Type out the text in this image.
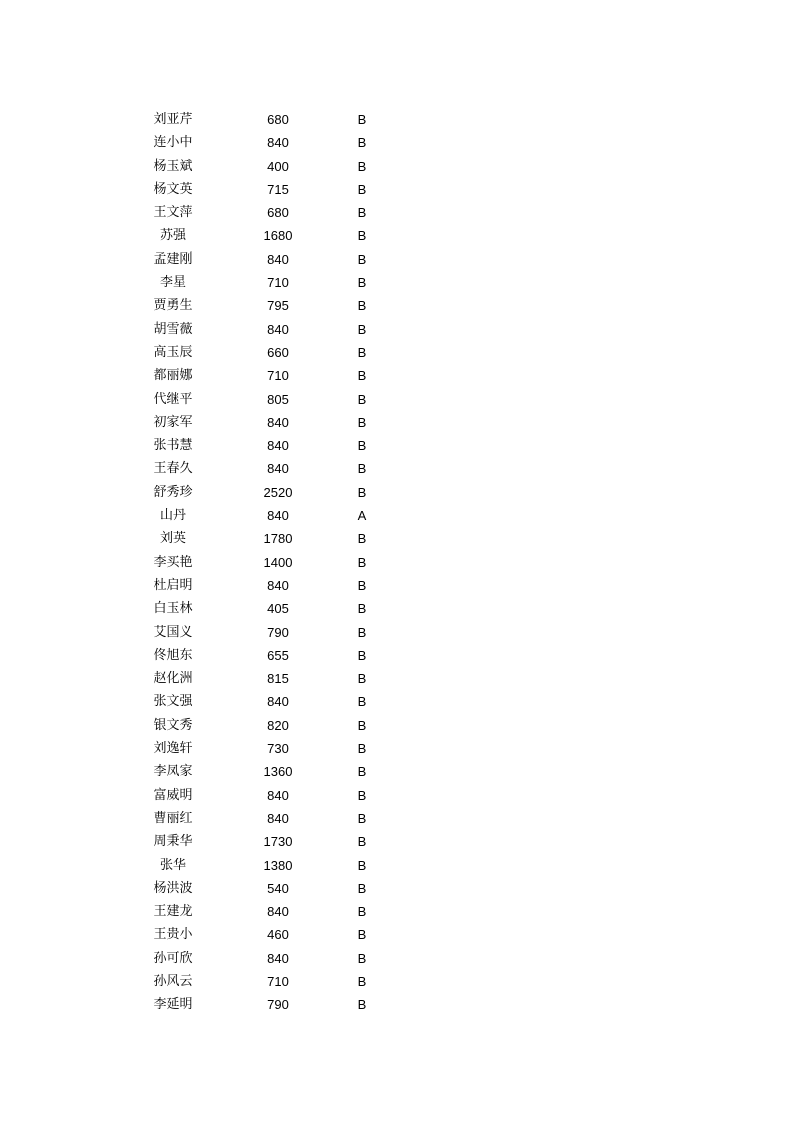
刘亚芹	680	B
连小中	840	B
杨玉斌	400	B
杨文英	715	B
王文萍	680	B
苏强	1680	B
孟建刚	840	B
李星	710	B
贾勇生	795	B
胡雪薇	840	B
高玉辰	660	B
都丽娜	710	B
代继平	805	B
初家军	840	B
张书慧	840	B
王春久	840	B
舒秀珍	2520	B
山丹	840	A
刘英	1780	B
李买艳	1400	B
杜启明	840	B
白玉林	405	B
艾国义	790	B
佟旭东	655	B
赵化洲	815	B
张文强	840	B
银文秀	820	B
刘逸轩	730	B
李凤家	1360	B
富威明	840	B
曹丽红	840	B
周秉华	1730	B
张华	1380	B
杨洪波	540	B
王建龙	840	B
王贵小	460	B
孙可欣	840	B
孙风云	710	B
李延明	790	B
